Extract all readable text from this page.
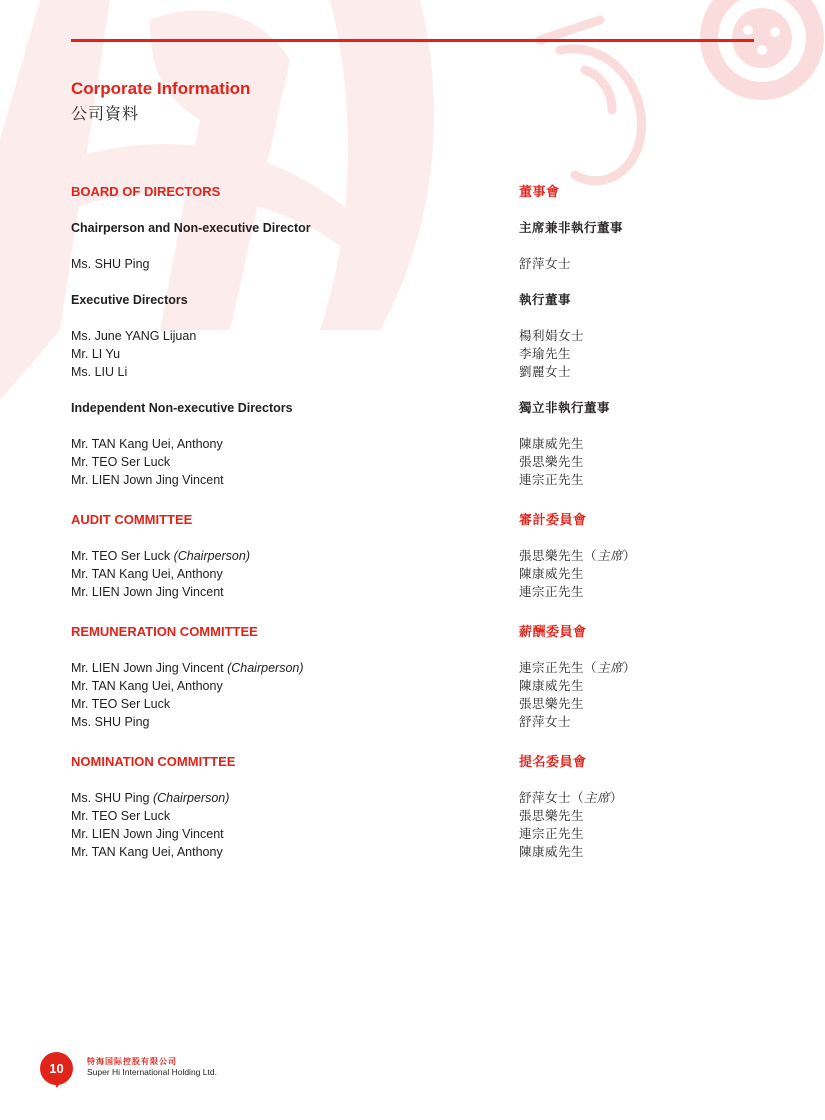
Corporate Information
公司資料
BOARD OF DIRECTORS	董事會
Chairperson and Non-executive Director	主席兼非執行董事
Ms. SHU Ping	舒萍女士
Executive Directors	執行董事
Ms. June YANG Lijuan	楊利娟女士
Mr. LI Yu	李瑜先生
Ms. LIU Li	劉麗女士
Independent Non-executive Directors	獨立非執行董事
Mr. TAN Kang Uei, Anthony	陳康威先生
Mr. TEO Ser Luck	張思樂先生
Mr. LIEN Jown Jing Vincent	連宗正先生
AUDIT COMMITTEE	審計委員會
Mr. TEO Ser Luck (Chairperson)	張思樂先生（主席）
Mr. TAN Kang Uei, Anthony	陳康威先生
Mr. LIEN Jown Jing Vincent	連宗正先生
REMUNERATION COMMITTEE	薪酬委員會
Mr. LIEN Jown Jing Vincent (Chairperson)	連宗正先生（主席）
Mr. TAN Kang Uei, Anthony	陳康威先生
Mr. TEO Ser Luck	張思樂先生
Ms. SHU Ping	舒萍女士
NOMINATION COMMITTEE	提名委員會
Ms. SHU Ping (Chairperson)	舒萍女士（主席）
Mr. TEO Ser Luck	張思樂先生
Mr. LIEN Jown Jing Vincent	連宗正先生
Mr. TAN Kang Uei, Anthony	陳康威先生
10	特海国际控股有限公司
Super Hi International Holding Ltd.
